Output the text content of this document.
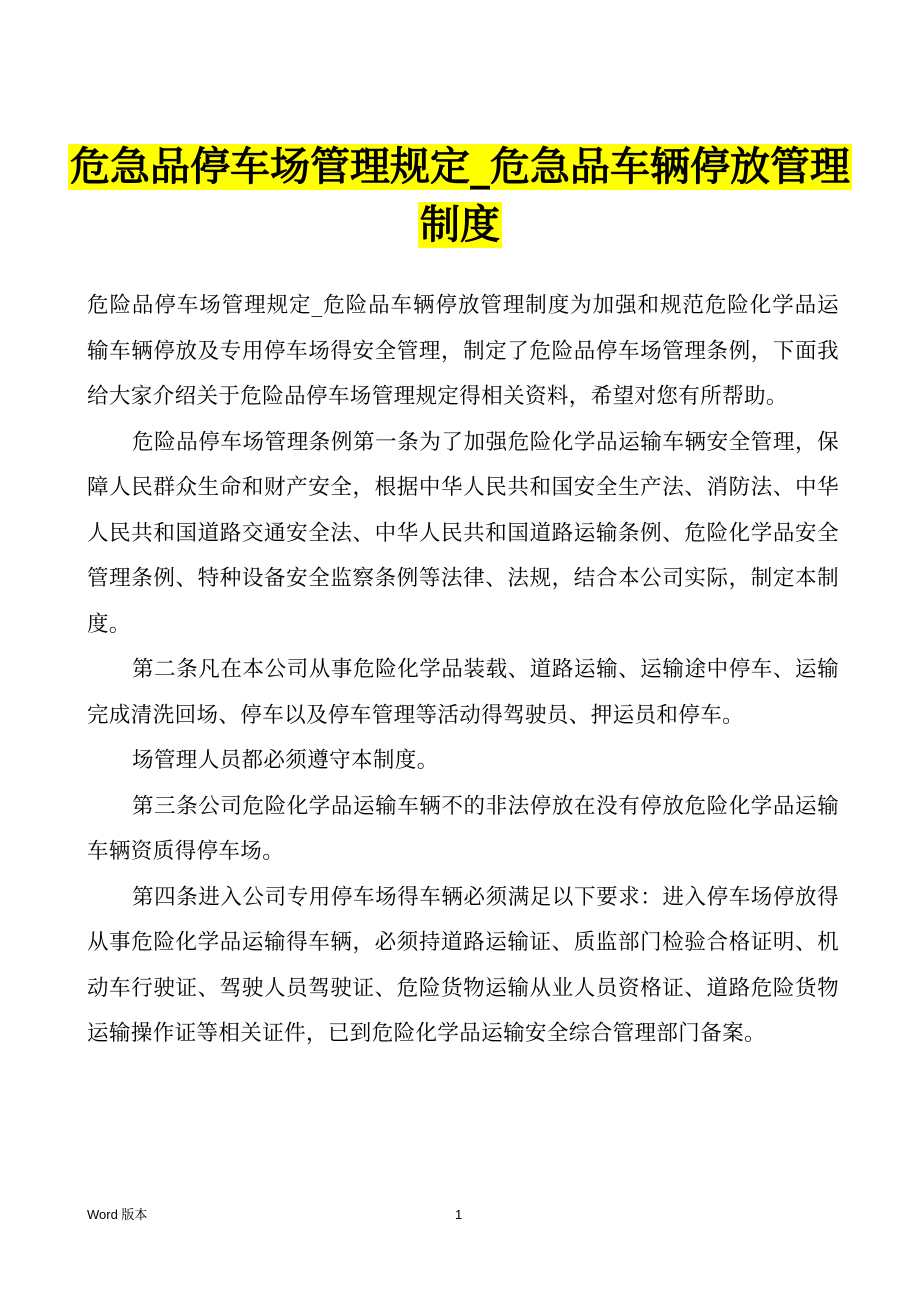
危急品停车场管理规定_危急品车辆停放管理制度

危险品停车场管理规定_危险品车辆停放管理制度为加强和规范危险化学品运输车辆停放及专用停车场得安全管理，制定了危险品停车场管理条例，下面我给大家介绍关于危险品停车场管理规定得相关资料，希望对您有所帮助。

危险品停车场管理条例第一条为了加强危险化学品运输车辆安全管理，保障人民群众生命和财产安全，根据中华人民共和国安全生产法、消防法、中华人民共和国道路交通安全法、中华人民共和国道路运输条例、危险化学品安全管理条例、特种设备安全监察条例等法律、法规，结合本公司实际，制定本制度。

第二条凡在本公司从事危险化学品装载、道路运输、运输途中停车、运输完成清洗回场、停车以及停车管理等活动得驾驶员、押运员和停车。

场管理人员都必须遵守本制度。

第三条公司危险化学品运输车辆不的非法停放在没有停放危险化学品运输车辆资质得停车场。

第四条进入公司专用停车场得车辆必须满足以下要求：进入停车场停放得从事危险化学品运输得车辆，必须持道路运输证、质监部门检验合格证明、机动车行驶证、驾驶人员驾驶证、危险货物运输从业人员资格证、道路危险货物运输操作证等相关证件，已到危险化学品运输安全综合管理部门备案。

Word 版本	1
